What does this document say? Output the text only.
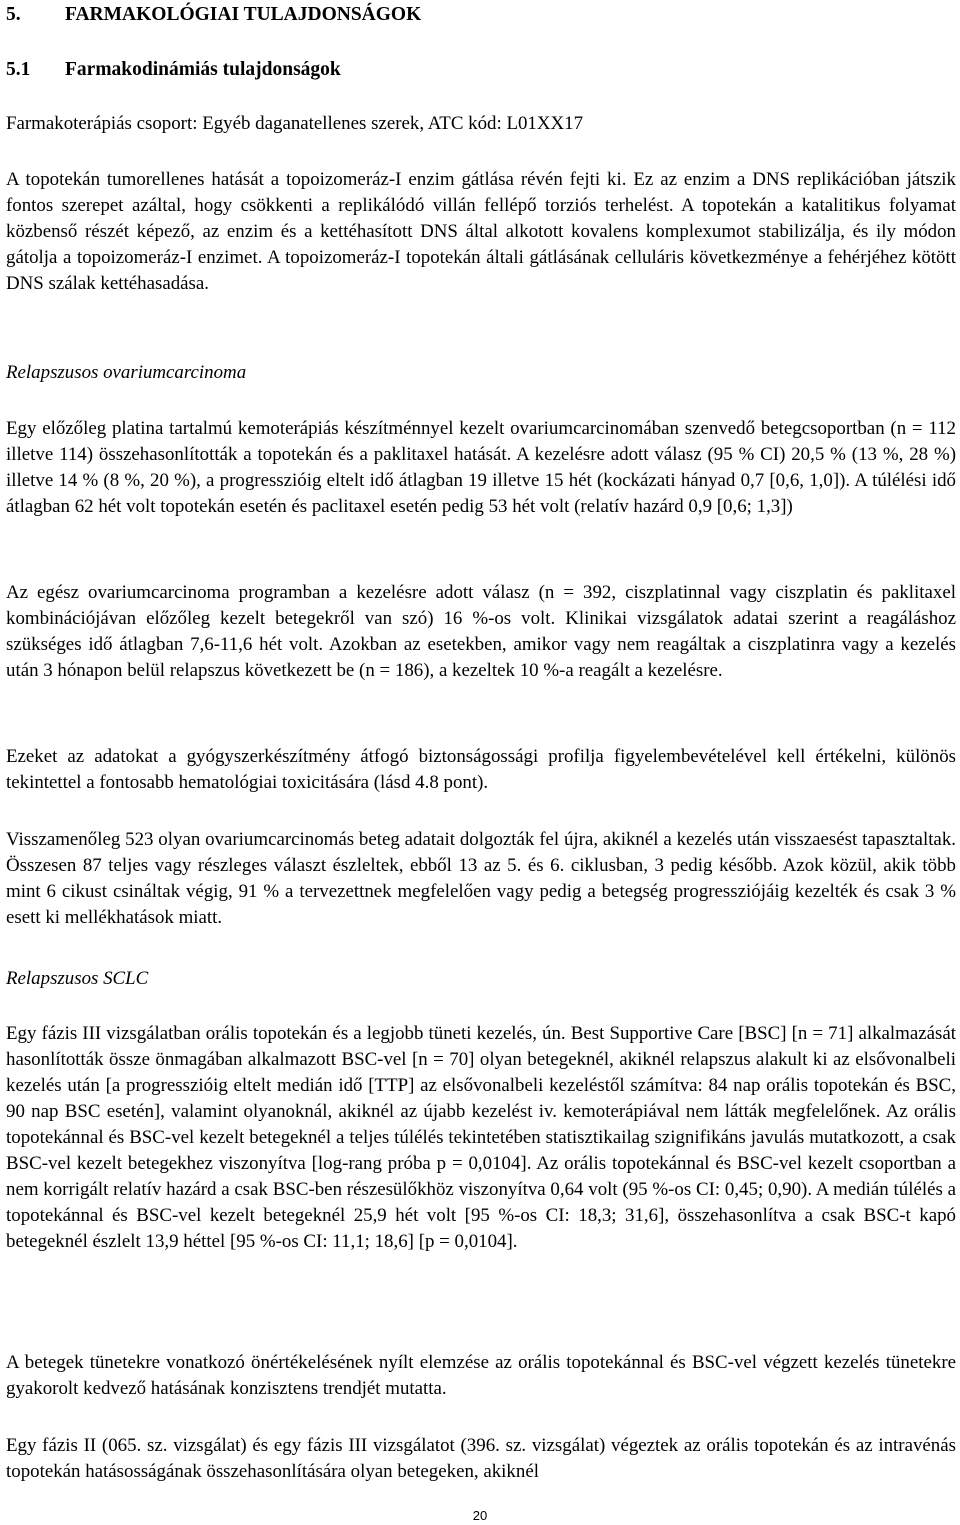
5. FARMAKOLÓGIAI TULAJDONSÁGOK
5.1 Farmakodinámiás tulajdonságok

Farmakoterápiás csoport: Egyéb daganatellenes szerek, ATC kód: L01XX17

A topotekán tumorellenes hatását a topoizomeráz-I enzim gátlása révén fejti ki. Ez az enzim a DNS replikációban játszik fontos szerepet azáltal, hogy csökkenti a replikálódó villán fellépő torziós terhelést. A topotekán a katalitikus folyamat közbenső részét képező, az enzim és a kettéhasított DNS által alkotott kovalens komplexumot stabilizálja, és ily módon gátolja a topoizomeráz-I enzimet. A topoizomeráz-I topotekán általi gátlásának celluláris következménye a fehérjéhez kötött DNS szálak kettéhasadása.

Relapszusos ovariumcarcinoma

Egy előzőleg platina tartalmú kemoterápiás készítménnyel kezelt ovariumcarcinomában szenvedő betegcsoportban (n = 112 illetve 114) összehasonlították a topotekán és a paklitaxel hatását. A kezelésre adott válasz (95 % CI) 20,5 % (13 %, 28 %) illetve 14 % (8 %, 20 %), a progresszióig eltelt idő átlagban 19 illetve 15 hét (kockázati hányad 0,7 [0,6, 1,0]). A túlélési idő átlagban 62 hét volt topotekán esetén és paclitaxel esetén pedig 53 hét volt (relatív hazárd 0,9 [0,6; 1,3])

Az egész ovariumcarcinoma programban a kezelésre adott válasz (n = 392, ciszplatinnal vagy ciszplatin és paklitaxel kombinációjávan előzőleg kezelt betegekről van szó) 16 %-os volt. Klinikai vizsgálatok adatai szerint a reagáláshoz szükséges idő átlagban 7,6-11,6 hét volt. Azokban az esetekben, amikor vagy nem reagáltak a ciszplatinra vagy a kezelés után 3 hónapon belül relapszus következett be (n = 186), a kezeltek 10 %-a reagált a kezelésre.

Ezeket az adatokat a gyógyszerkészítmény átfogó biztonságossági profilja figyelembevételével kell értékelni, különös tekintettel a fontosabb hematológiai toxicitására (lásd 4.8 pont).

Visszamenőleg 523 olyan ovariumcarcinomás beteg adatait dolgozták fel újra, akiknél a kezelés után visszaesést tapasztaltak. Összesen 87 teljes vagy részleges választ észleltek, ebből 13 az 5. és 6. ciklusban, 3 pedig később. Azok közül, akik több mint 6 cikust csináltak végig, 91 % a tervezettnek megfelelően vagy pedig a betegség progressziójáig kezelték és csak 3 % esett ki mellékhatások miatt.

Relapszusos SCLC

Egy fázis III vizsgálatban orális topotekán és a legjobb tüneti kezelés, ún. Best Supportive Care [BSC] [n = 71] alkalmazását hasonlították össze önmagában alkalmazott BSC-vel [n = 70] olyan betegeknél, akiknél relapszus alakult ki az elsővonalbeli kezelés után [a progresszióig eltelt medián idő [TTP] az elsővonalbeli kezeléstől számítva: 84 nap orális topotekán és BSC, 90 nap BSC esetén], valamint olyanoknál, akiknél az újabb kezelést iv. kemoterápiával nem látták megfelelőnek. Az orális topotekánnal és BSC-vel kezelt betegeknél a teljes túlélés tekintetében statisztikailag szignifikáns javulás mutatkozott, a csak BSC-vel kezelt betegekhez viszonyítva [log-rang próba p = 0,0104]. Az orális topotekánnal és BSC-vel kezelt csoportban a nem korrigált relatív hazárd a csak BSC-ben részesülőkhöz viszonyítva 0,64 volt (95 %-os CI: 0,45; 0,90). A medián túlélés a topotekánnal és BSC-vel kezelt betegeknél 25,9 hét volt [95 %-os CI: 18,3; 31,6], összehasonlítva a csak BSC-t kapó betegeknél észlelt 13,9 héttel [95 %-os CI: 11,1; 18,6] [p = 0,0104].

A betegek tünetekre vonatkozó önértékelésének nyílt elemzése az orális topotekánnal és BSC-vel végzett kezelés tünetekre gyakorolt kedvező hatásának konzisztens trendjét mutatta.

Egy fázis II (065. sz. vizsgálat) és egy fázis III vizsgálatot (396. sz. vizsgálat) végeztek az orális topotekán és az intravénás topotekán hatásosságának összehasonlítására olyan betegeken, akiknél

20
